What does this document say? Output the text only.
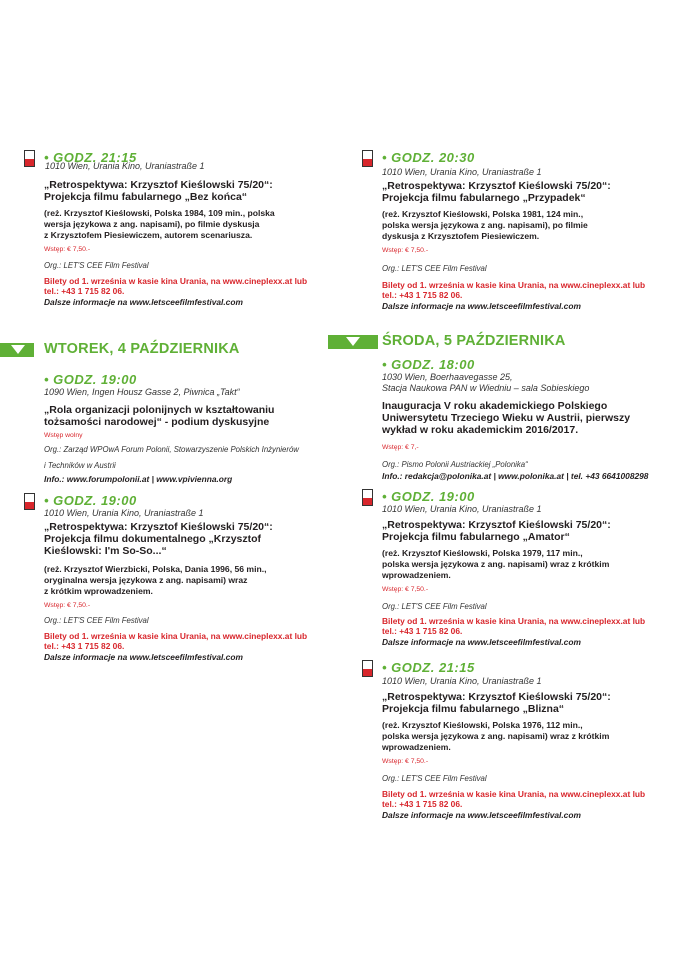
• GODZ. 21:15
1010 Wien, Urania Kino, Uraniastraße 1
„Retrospektywa: Krzysztof Kieślowski 75/20“:
Projekcja filmu fabularnego „Bez końca“
(reż. Krzysztof Kieślowski, Polska 1984, 109 min., polska
wersja językowa z ang. napisami), po filmie dyskusja
z Krzysztofem Piesiewiczem, autorem scenariusza.
Wstęp: € 7,50.-
Org.: LET'S CEE Film Festival
Bilety od 1. września w kasie kina Urania, na www.cineplexx.at lub
tel.: +43 1 715 82 06.
Dalsze informacje na www.letsceefilmfestival.com
WTOREK, 4 PAŹDZIERNIKA
• GODZ. 19:00
1090 Wien, Ingen Housz Gasse 2, Piwnica „Takt“
„Rola organizacji polonijnych w kształtowaniu
tożsamości narodowej“ - podium dyskusyjne
Wstęp wolny
Org.: Zarząd WPOwA Forum Polonii, Stowarzyszenie Polskich Inżynierów
i Techników w Austrii
Info.: www.forumpolonii.at | www.vpivienna.org
• GODZ. 19:00
1010 Wien, Urania Kino, Uraniastraße 1
„Retrospektywa: Krzysztof Kieślowski 75/20“:
Projekcja filmu dokumentalnego „Krzysztof
Kieślowski: I'm So-So...“
(reż. Krzysztof Wierzbicki, Polska, Dania 1996, 56 min.,
oryginalna wersja językowa z ang. napisami) wraz
z krótkim wprowadzeniem.
Wstęp: € 7,50.-
Org.: LET'S CEE Film Festival
Bilety od 1. września w kasie kina Urania, na www.cineplexx.at lub
tel.: +43 1 715 82 06.
Dalsze informacje na www.letsceefilmfestival.com
• GODZ. 20:30
1010 Wien, Urania Kino, Uraniastraße 1
„Retrospektywa: Krzysztof Kieślowski 75/20“:
Projekcja filmu fabularnego „Przypadek“
(reż. Krzysztof Kieślowski, Polska 1981, 124 min.,
polska wersja językowa z ang. napisami), po filmie
dyskusja z Krzysztofem Piesiewiczem.
Wstęp: € 7,50.-
Org.: LET'S CEE Film Festival
Bilety od 1. września w kasie kina Urania, na www.cineplexx.at lub
tel.: +43 1 715 82 06.
Dalsze informacje na www.letsceefilmfestival.com
ŚRODA, 5 PAŹDZIERNIKA
• GODZ. 18:00
1030 Wien, Boerhaavegasse 25,
Stacja Naukowa PAN w Wiedniu – sala Sobieskiego
Inauguracja V roku akademickiego Polskiego
Uniwersytetu Trzeciego Wieku w Austrii, pierwszy
wykład w roku akademickim 2016/2017.
Wstęp: € 7,-
Org.: Pismo Polonii Austriackiej „Polonika“
Info.: redakcja@polonika.at | www.polonika.at | tel. +43 6641008298
• GODZ. 19:00
1010 Wien, Urania Kino, Uraniastraße 1
„Retrospektywa: Krzysztof Kieślowski 75/20“:
Projekcja filmu fabularnego „Amator“
(reż. Krzysztof Kieślowski, Polska 1979, 117 min.,
polska wersja językowa z ang. napisami) wraz z krótkim
wprowadzeniem.
Wstęp: € 7,50.-
Org.: LET'S CEE Film Festival
Bilety od 1. września w kasie kina Urania, na www.cineplexx.at lub
tel.: +43 1 715 82 06.
Dalsze informacje na www.letsceefilmfestival.com
• GODZ. 21:15
1010 Wien, Urania Kino, Uraniastraße 1
„Retrospektywa: Krzysztof Kieślowski 75/20“:
Projekcja filmu fabularnego „Blizna“
(reż. Krzysztof Kieślowski, Polska 1976, 112 min.,
polska wersja językowa z ang. napisami) wraz z krótkim
wprowadzeniem.
Wstęp: € 7,50.-
Org.: LET'S CEE Film Festival
Bilety od 1. września w kasie kina Urania, na www.cineplexx.at lub
tel.: +43 1 715 82 06.
Dalsze informacje na www.letsceefilmfestival.com
